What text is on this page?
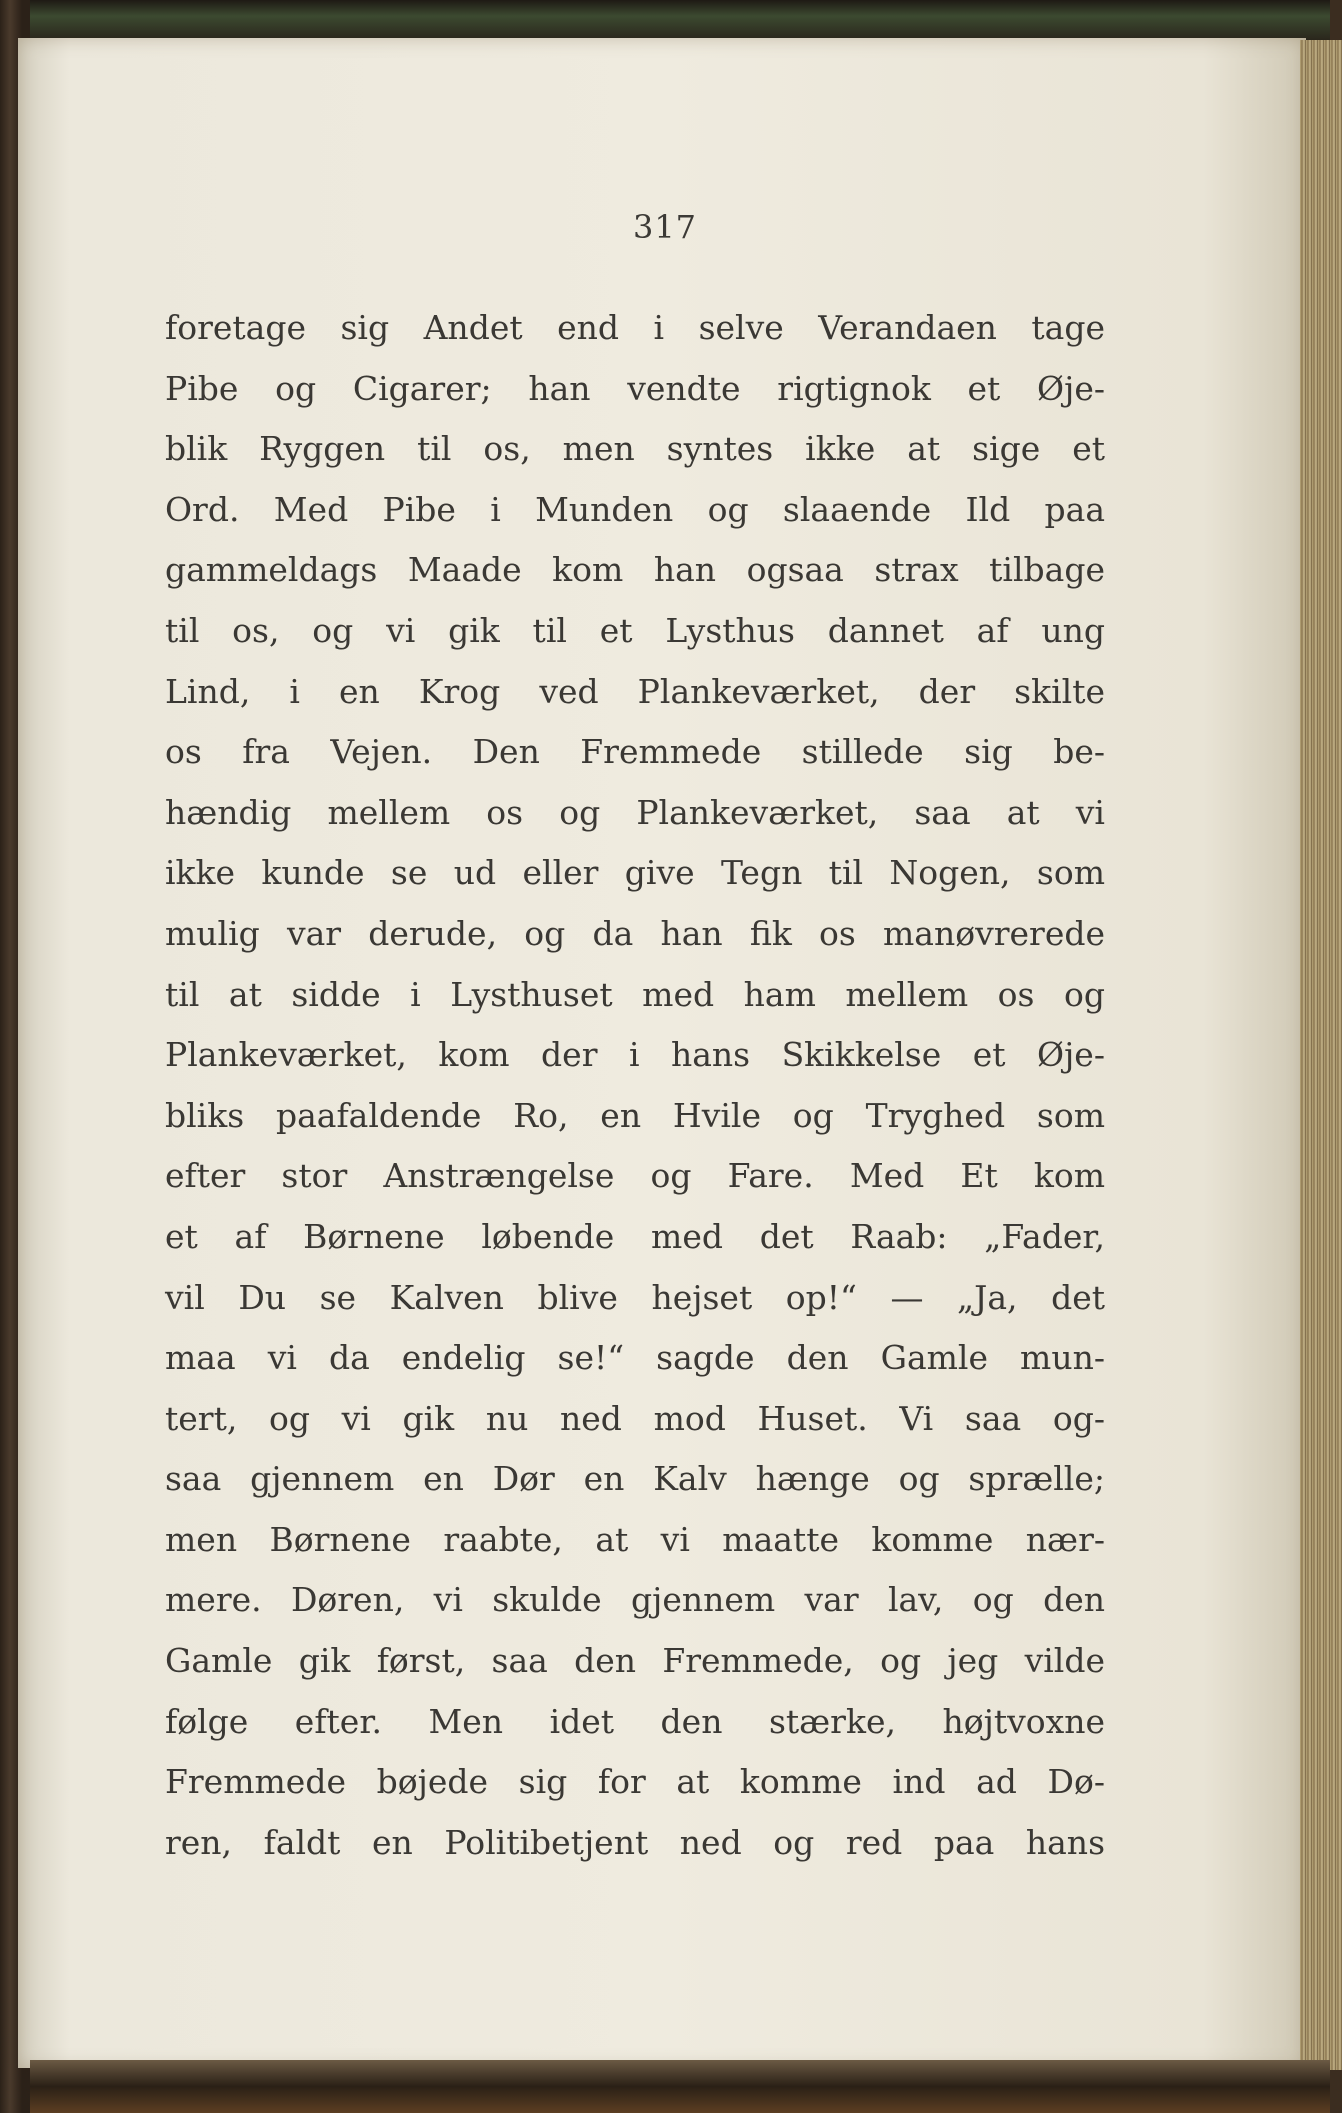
317
foretage sig Andet end i selve Verandaen tage
Pibe og Cigarer; han vendte rigtignok et Øje-
blik Ryggen til os, men syntes ikke at sige et
Ord. Med Pibe i Munden og slaaende Ild paa
gammeldags Maade kom han ogsaa strax tilbage
til os, og vi gik til et Lysthus dannet af ung
Lind, i en Krog ved Plankeværket, der skilte
os fra Vejen. Den Fremmede stillede sig be-
hændig mellem os og Plankeværket, saa at vi
ikke kunde se ud eller give Tegn til Nogen, som
mulig var derude, og da han fik os manøvrerede
til at sidde i Lysthuset med ham mellem os og
Plankeværket, kom der i hans Skikkelse et Øje-
bliks paafaldende Ro, en Hvile og Tryghed som
efter stor Anstrængelse og Fare. Med Et kom
et af Børnene løbende med det Raab: „Fader,
vil Du se Kalven blive hejset op!“ — „Ja, det
maa vi da endelig se!“ sagde den Gamle mun-
tert, og vi gik nu ned mod Huset. Vi saa og-
saa gjennem en Dør en Kalv hænge og sprælle;
men Børnene raabte, at vi maatte komme nær-
mere. Døren, vi skulde gjennem var lav, og den
Gamle gik først, saa den Fremmede, og jeg vilde
følge efter. Men idet den stærke, højtvoxne
Fremmede bøjede sig for at komme ind ad Dø-
ren, faldt en Politibetjent ned og red paa hans
